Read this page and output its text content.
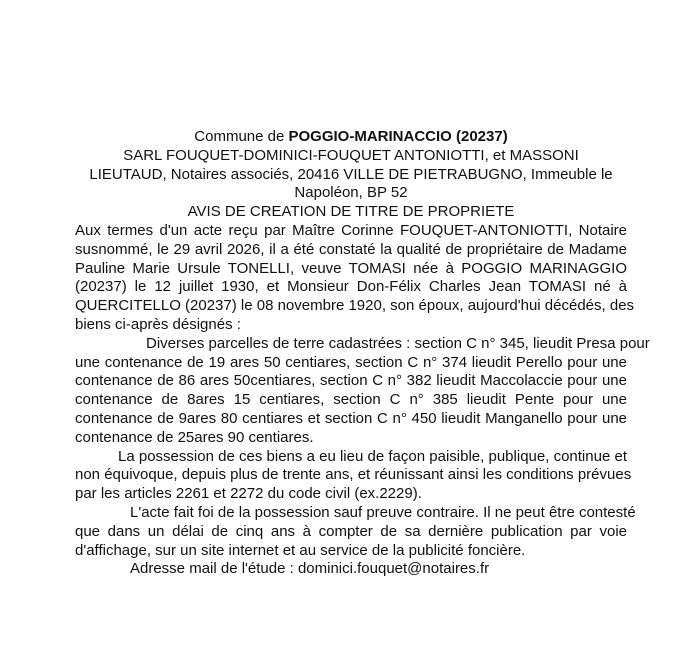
Commune de POGGIO-MARINACCIO (20237)
SARL FOUQUET-DOMINICI-FOUQUET ANTONIOTTI, et MASSONI
LIEUTAUD, Notaires associés, 20416 VILLE DE PIETRABUGNO, Immeuble le
Napoléon, BP 52
AVIS DE CREATION DE TITRE DE PROPRIETE
Aux termes d'un acte reçu par Maître Corinne FOUQUET-ANTONIOTTI, Notaire
susnommé, le 29 avril 2026, il a été constaté la qualité de propriétaire de Madame
Pauline Marie Ursule TONELLI, veuve TOMASI née à POGGIO MARINAGGIO
(20237) le 12 juillet 1930, et Monsieur Don-Félix Charles Jean TOMASI né à
QUERCITELLO (20237) le 08 novembre 1920, son époux, aujourd'hui décédés, des
biens ci-après désignés :
Diverses parcelles de terre cadastrées : section C n° 345, lieudit Presa pour
une contenance de 19 ares 50 centiares, section C n° 374 lieudit Perello pour une
contenance de 86 ares 50centiares, section C n° 382 lieudit Maccolaccie pour une
contenance de 8ares 15 centiares, section C n° 385 lieudit Pente pour une
contenance de 9ares 80 centiares et section C n° 450 lieudit Manganello pour une
contenance de 25ares 90 centiares.
La possession de ces biens a eu lieu de façon paisible, publique, continue et
non équivoque, depuis plus de trente ans, et réunissant ainsi les conditions prévues
par les articles 2261 et 2272 du code civil (ex.2229).
L'acte fait foi de la possession sauf preuve contraire. Il ne peut être contesté
que dans un délai de cinq ans à compter de sa dernière publication par voie
d'affichage, sur un site internet et au service de la publicité foncière.
Adresse mail de l'étude : dominici.fouquet@notaires.fr
